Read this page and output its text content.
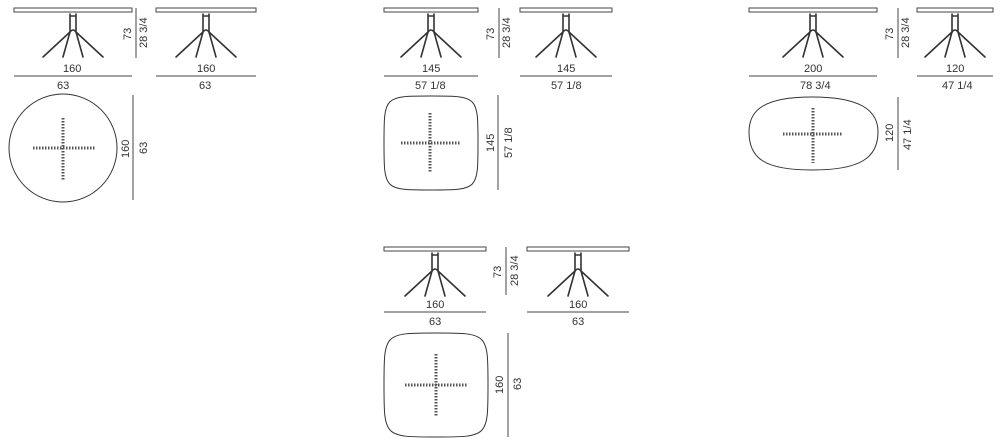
160
73 28 3/4
160
63	63
160 63
145
73 28 3/4
145
57 1/8	57 1/8
145 57 1/8
200
73 28 3/4
120
78 3/4	47 1/4
120 47 1/4
160
73 28 3/4
160
63	63
160 63
